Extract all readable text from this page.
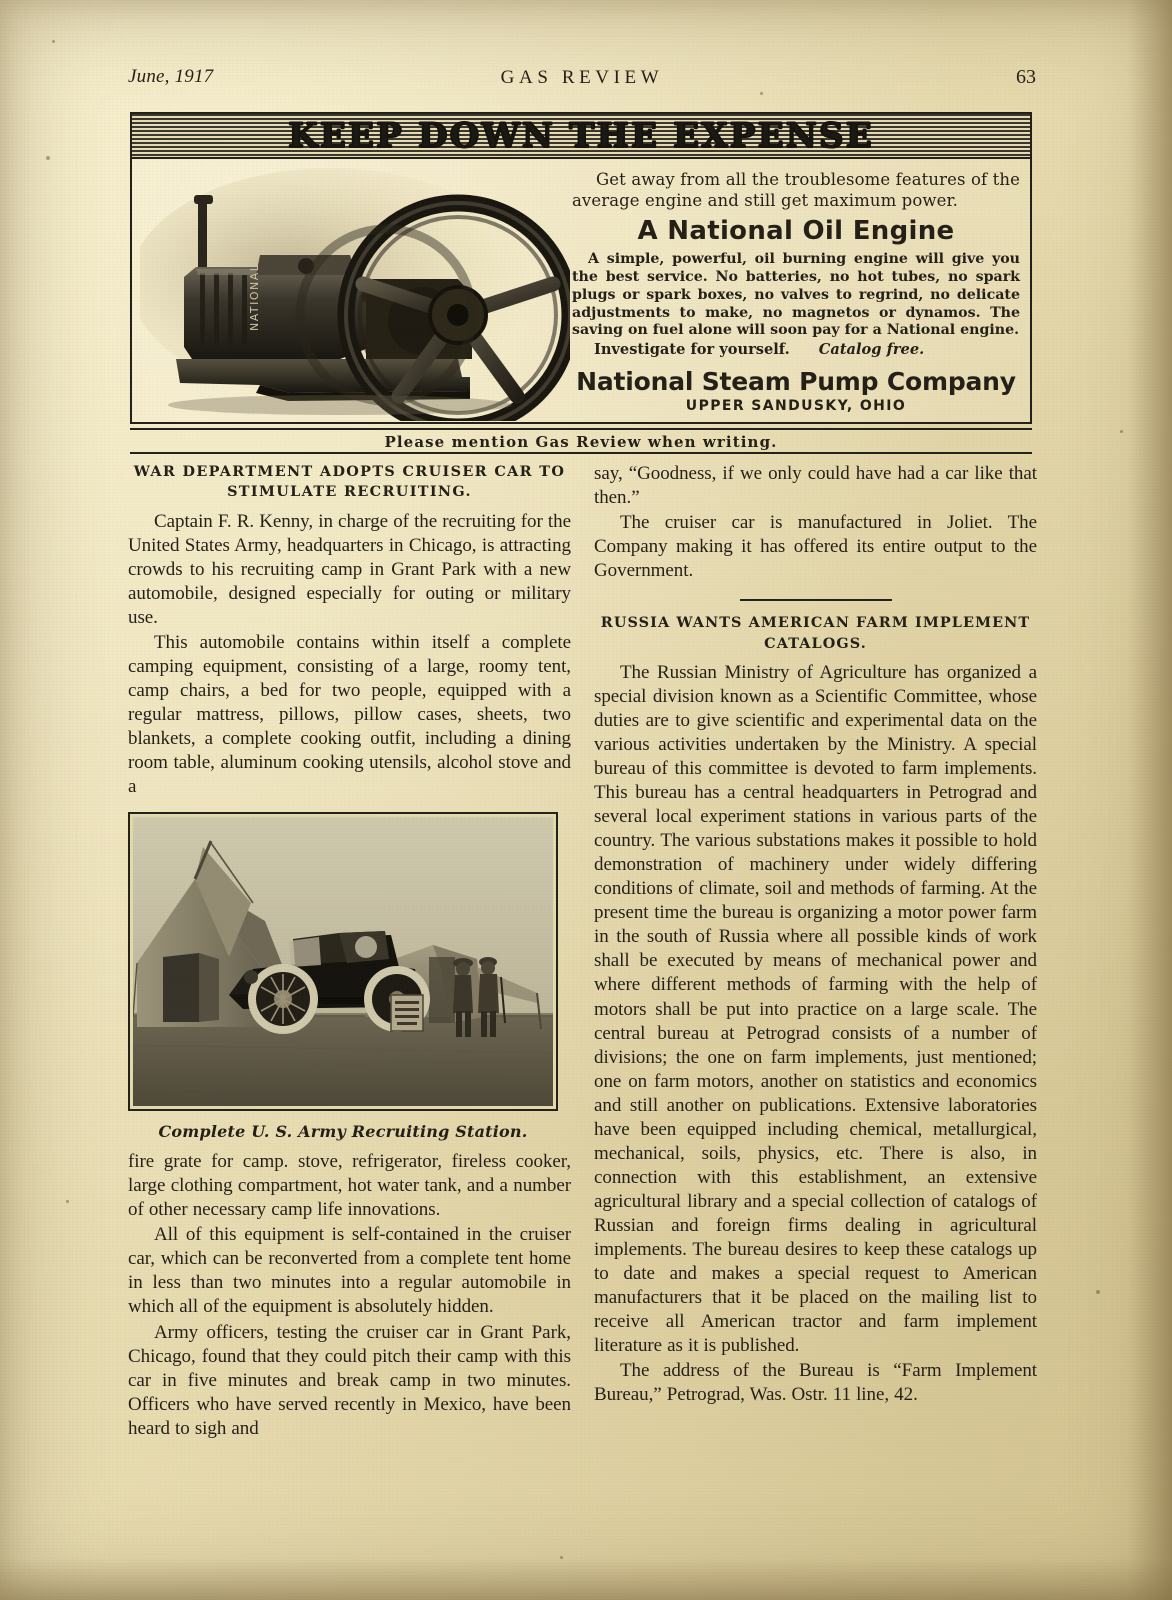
June, 1917	GAS REVIEW	63
KEEP DOWN THE EXPENSE
NATIONAL

Get away from all the troublesome features of the average engine and still get maximum power.

A National Oil Engine

A simple, powerful, oil burning engine will give you the best service. No batteries, no hot tubes, no spark plugs or spark boxes, no valves to regrind, no delicate adjustments to make, no magnetos or dynamos. The saving on fuel alone will soon pay for a National engine.

Investigate for yourself. Catalog free.
National Steam Pump Company
UPPER SANDUSKY, OHIO
Please mention Gas Review when writing.
WAR DEPARTMENT ADOPTS CRUISER CAR TO STIMULATE RECRUITING.

Captain F. R. Kenny, in charge of the recruiting for the United States Army, headquarters in Chicago, is attracting crowds to his recruiting camp in Grant Park with a new automobile, designed especially for outing or military use.

This automobile contains within itself a complete camping equipment, consisting of a large, roomy tent, camp chairs, a bed for two people, equipped with a regular mattress, pillows, pillow cases, sheets, two blankets, a complete cooking outfit, including a dining room table, aluminum cooking utensils, alcohol stove and a

Complete U. S. Army Recruiting Station.

fire grate for camp. stove, refrigerator, fireless cooker, large clothing compartment, hot water tank, and a number of other necessary camp life innovations.

All of this equipment is self-contained in the cruiser car, which can be reconverted from a complete tent home in less than two minutes into a regular automobile in which all of the equipment is absolutely hidden.

Army officers, testing the cruiser car in Grant Park, Chicago, found that they could pitch their camp with this car in five minutes and break camp in two minutes. Officers who have served recently in Mexico, have been heard to sigh and

say, “Goodness, if we only could have had a car like that then.”

The cruiser car is manufactured in Joliet. The Company making it has offered its entire output to the Government.

RUSSIA WANTS AMERICAN FARM IMPLEMENT CATALOGS.

The Russian Ministry of Agriculture has organized a special division known as a Scientific Committee, whose duties are to give scientific and experimental data on the various activities undertaken by the Ministry. A special bureau of this committee is devoted to farm implements. This bureau has a central headquarters in Petrograd and several local experiment stations in various parts of the country. The various substations makes it possible to hold demonstration of machinery under widely differing conditions of climate, soil and methods of farming. At the present time the bureau is organizing a motor power farm in the south of Russia where all possible kinds of work shall be executed by means of mechanical power and where different methods of farming with the help of motors shall be put into practice on a large scale. The central bureau at Petrograd consists of a number of divisions; the one on farm implements, just mentioned; one on farm motors, another on statistics and economics and still another on publications. Extensive laboratories have been equipped including chemical, metallurgical, mechanical, soils, physics, etc. There is also, in connection with this establishment, an extensive agricultural library and a special collection of catalogs of Russian and foreign firms dealing in agricultural implements. The bureau desires to keep these catalogs up to date and makes a special request to American manufacturers that it be placed on the mailing list to receive all American tractor and farm implement literature as it is published.

The address of the Bureau is “Farm Implement Bureau,” Petrograd, Was. Ostr. 11 line, 42.
